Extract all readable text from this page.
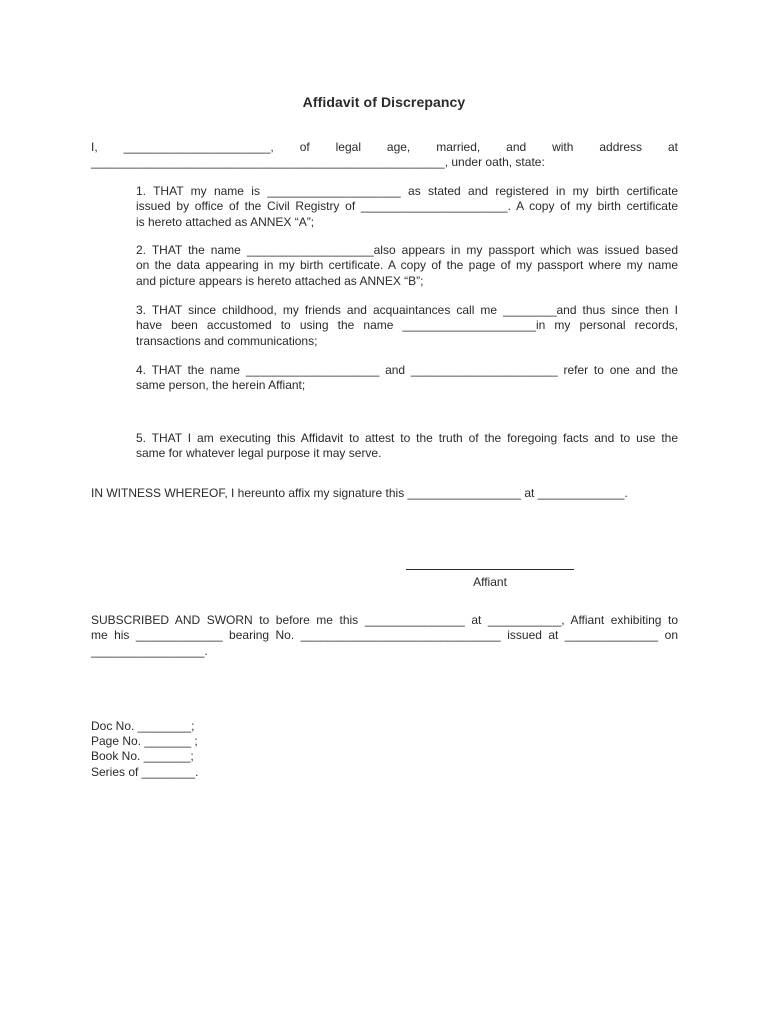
Affidavit of Discrepancy
I, ______________________, of legal age, married, and with address at
_____________________________________________________, under oath, state:
1. THAT my name is ____________________ as stated and registered in my birth certificate
issued by office of the Civil Registry of ______________________. A copy of my birth certificate
is hereto attached as ANNEX “A”;
2. THAT the name ___________________also appears in my passport which was issued based
on the data appearing in my birth certificate. A copy of the page of my passport where my name
and picture appears is hereto attached as ANNEX “B”;
3. THAT since childhood, my friends and acquaintances call me ________and thus since then I
have been accustomed to using the name ____________________in my personal records,
transactions and communications;
4. THAT the name ____________________ and ______________________ refer to one and the
same person, the herein Affiant;
5. THAT I am executing this Affidavit to attest to the truth of the foregoing facts and to use the
same for whatever legal purpose it may serve.
IN WITNESS WHEREOF, I hereunto affix my signature this _________________ at _____________.
Affiant
SUBSCRIBED AND SWORN to before me this _______________ at ___________, Affiant exhibiting to
me his _____________ bearing No. ______________________________ issued at ______________ on
_________________.
Doc No. ________;
Page No. _______ ;
Book No. _______;
Series of ________.
